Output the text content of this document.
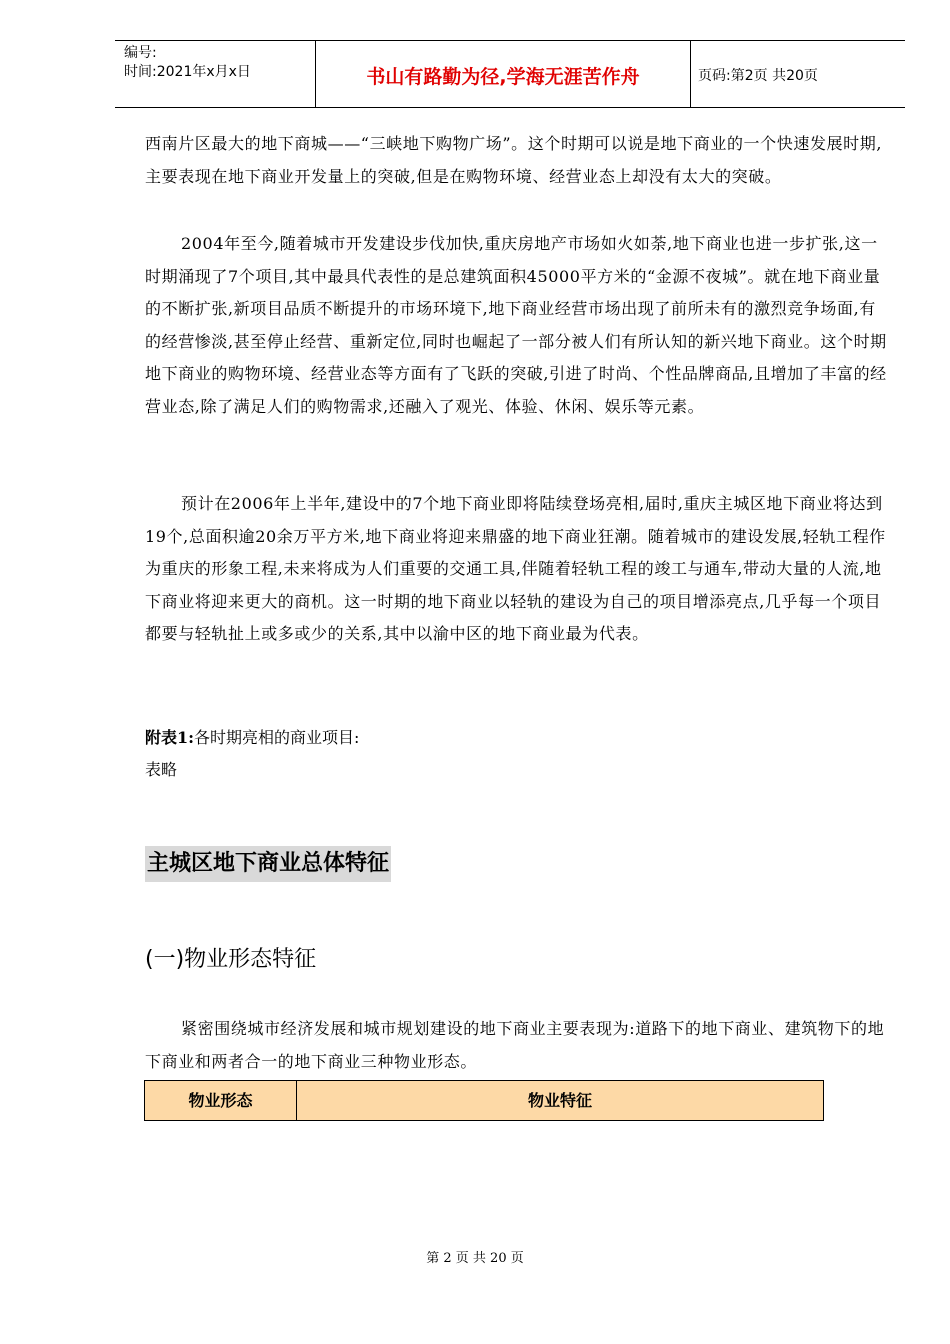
编号:
时间:2021年x月x日	书山有路勤为径,学海无涯苦作舟	页码:第2页 共20页

西南片区最大的地下商城——“三峡地下购物广场”。这个时期可以说是地下商业的一个快速发展时期,主要表现在地下商业开发量上的突破,但是在购物环境、经营业态上却没有太大的突破。

2004年至今,随着城市开发建设步伐加快,重庆房地产市场如火如荼,地下商业也进一步扩张,这一时期涌现了7个项目,其中最具代表性的是总建筑面积45000平方米的“金源不夜城”。就在地下商业量的不断扩张,新项目品质不断提升的市场环境下,地下商业经营市场出现了前所未有的激烈竞争场面,有的经营惨淡,甚至停止经营、重新定位,同时也崛起了一部分被人们有所认知的新兴地下商业。这个时期地下商业的购物环境、经营业态等方面有了飞跃的突破,引进了时尚、个性品牌商品,且增加了丰富的经营业态,除了满足人们的购物需求,还融入了观光、体验、休闲、娱乐等元素。

预计在2006年上半年,建设中的7个地下商业即将陆续登场亮相,届时,重庆主城区地下商业将达到19个,总面积逾20余万平方米,地下商业将迎来鼎盛的地下商业狂潮。随着城市的建设发展,轻轨工程作为重庆的形象工程,未来将成为人们重要的交通工具,伴随着轻轨工程的竣工与通车,带动大量的人流,地下商业将迎来更大的商机。这一时期的地下商业以轻轨的建设为自己的项目增添亮点,几乎每一个项目都要与轻轨扯上或多或少的关系,其中以渝中区的地下商业最为代表。

附表1:各时期亮相的商业项目:
表略
主城区地下商业总体特征
(一)物业形态特征

紧密围绕城市经济发展和城市规划建设的地下商业主要表现为:道路下的地下商业、建筑物下的地下商业和两者合一的地下商业三种物业形态。

物业形态	物业特征
第 2 页 共 20 页
